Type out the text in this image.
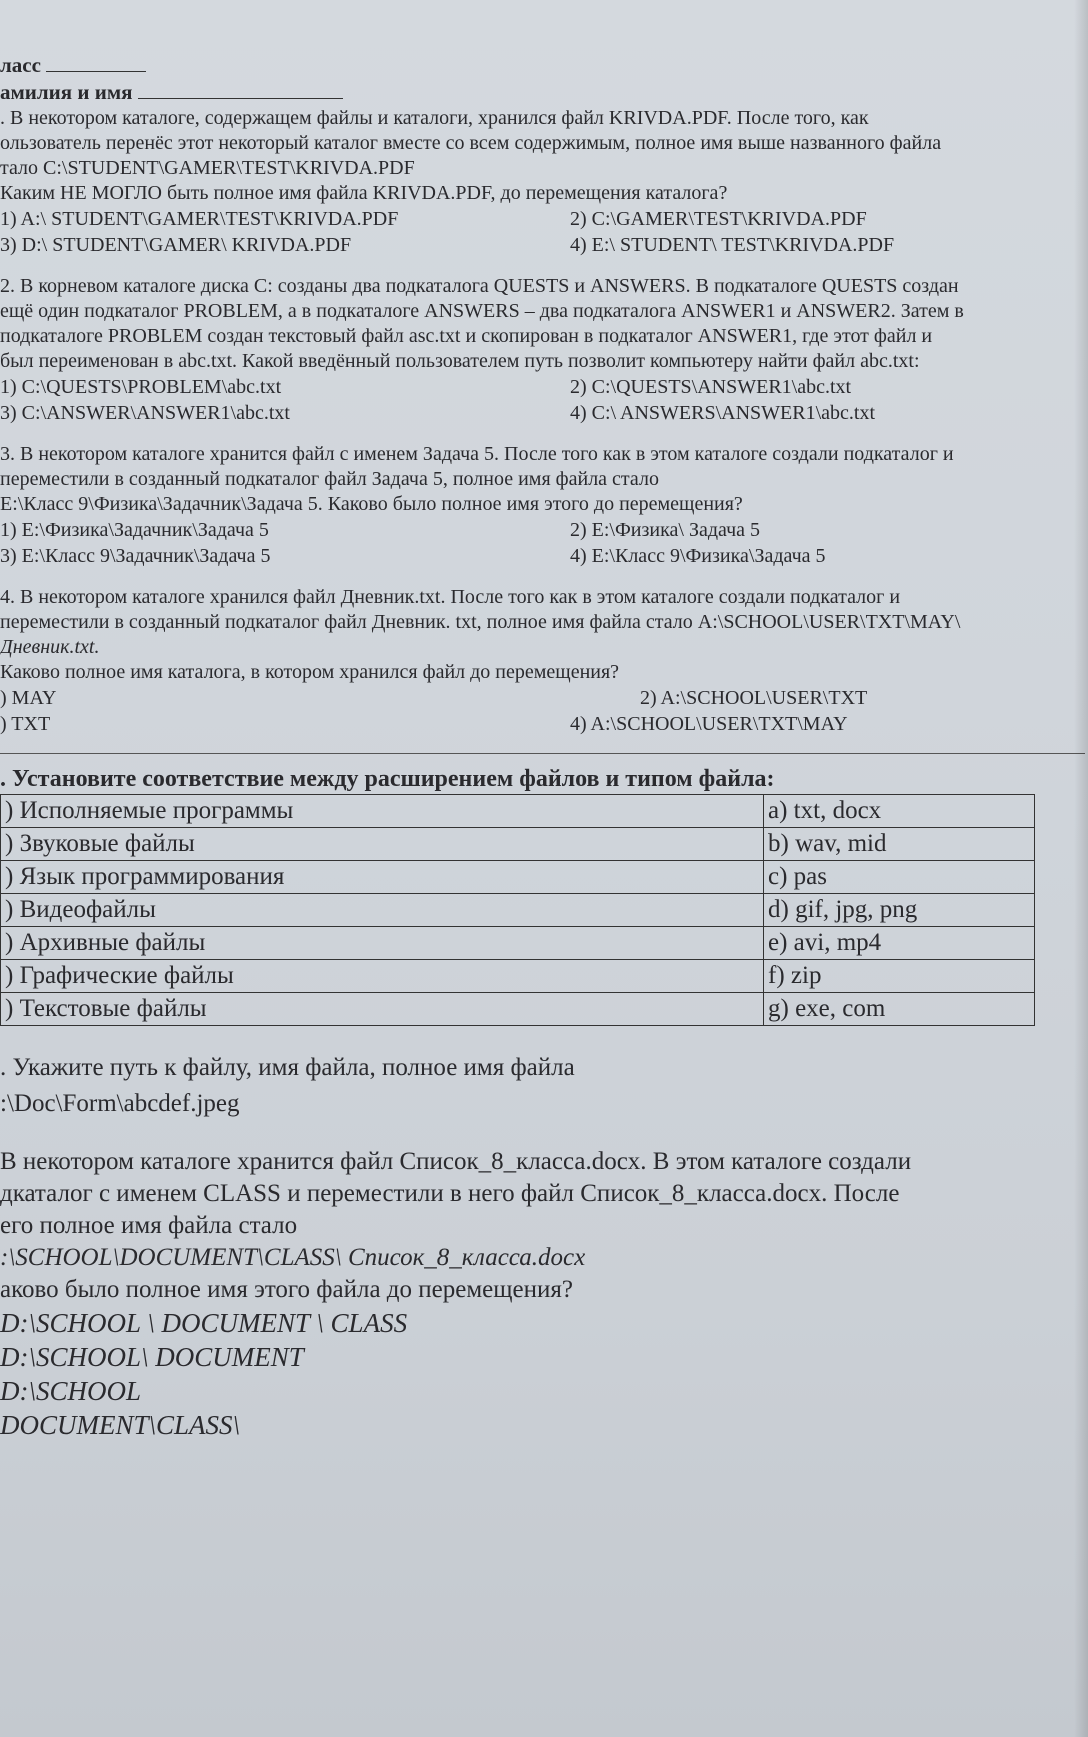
ласс
амилия и имя
. В некотором каталоге, содержащем файлы и каталоги, хранился файл KRIVDA.PDF. После того, как
ользователь перенёс этот некоторый каталог вместе со всем содержимым, полное имя выше названного файла
тало C:\STUDENT\GAMER\TEST\KRIVDA.PDF
Каким НЕ МОГЛО быть полное имя файла KRIVDA.PDF, до перемещения каталога?
1) A:\ STUDENT\GAMER\TEST\KRIVDA.PDF	2) C:\GAMER\TEST\KRIVDA.PDF
3) D:\ STUDENT\GAMER\ KRIVDA.PDF	4) E:\ STUDENT\ TEST\KRIVDA.PDF
2. В корневом каталоге диска C: созданы два подкаталога QUESTS и ANSWERS. В подкаталоге QUESTS создан
ещё один подкаталог PROBLEM, а в подкаталоге ANSWERS – два подкаталога ANSWER1 и ANSWER2. Затем в
подкаталоге PROBLEM создан текстовый файл asc.txt и скопирован в подкаталог ANSWER1, где этот файл и
был переименован в abc.txt. Какой введённый пользователем путь позволит компьютеру найти файл abc.txt:
1) C:\QUESTS\PROBLEM\abc.txt	2) C:\QUESTS\ANSWER1\abc.txt
3) C:\ANSWER\ANSWER1\abc.txt	4) C:\ ANSWERS\ANSWER1\abc.txt
3. В некотором каталоге хранится файл с именем Задача 5. После того как в этом каталоге создали подкаталог и
переместили в созданный подкаталог файл Задача 5, полное имя файла стало
E:\Класс 9\Физика\Задачник\Задача 5. Каково было полное имя этого до перемещения?
1) E:\Физика\Задачник\Задача 5	2) E:\Физика\ Задача 5
3) E:\Класс 9\Задачник\Задача 5	4) E:\Класс 9\Физика\Задача 5
4. В некотором каталоге хранился файл Дневник.txt. После того как в этом каталоге создали подкаталог и
переместили в созданный подкаталог файл Дневник. txt, полное имя файла стало A:\SCHOOL\USER\TXT\MAY\
Дневник.txt.
Каково полное имя каталога, в котором хранился файл до перемещения?
) MAY	2) A:\SCHOOL\USER\TXT
) TXT	4) A:\SCHOOL\USER\TXT\MAY
. Установите соответствие между расширением файлов и типом файла:
) Исполняемые программы	a) txt, docx
) Звуковые файлы	b) wav, mid
) Язык программирования	c) pas
) Видеофайлы	d) gif, jpg, png
) Архивные файлы	e) avi, mp4
) Графические файлы	f) zip
) Текстовые файлы	g) exe, com
. Укажите путь к файлу, имя файла, полное имя файла
:\Doc\Form\abcdef.jpeg
В некотором каталоге хранится файл Список_8_класса.docx. В этом каталоге создали
дкаталог с именем CLASS и переместили в него файл Список_8_класса.docx. После
его полное имя файла стало
:\SCHOOL\DOCUMENT\CLASS\ Список_8_класса.docx
аково было полное имя этого файла до перемещения?
D:\SCHOOL \ DOCUMENT \ CLASS
D:\SCHOOL\ DOCUMENT
D:\SCHOOL
DOCUMENT\CLASS\
